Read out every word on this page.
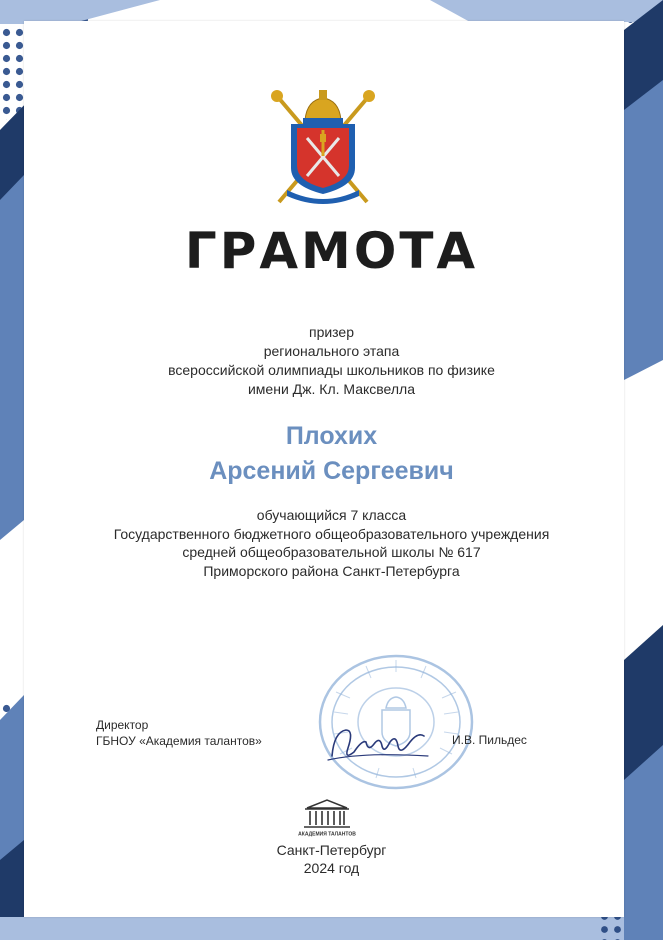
ГРАМОТА
призер
регионального этапа
всероссийской олимпиады школьников по физике
имени Дж. Кл. Максвелла
Плохих
Арсений Сергеевич
обучающийся 7 класса
Государственного бюджетного общеобразовательного учреждения
средней общеобразовательной школы № 617
Приморского района Санкт-Петербурга
Директор
ГБНОУ «Академия талантов»	И.В. Пильдес
АКАДЕМИЯ ТАЛАНТОВ
Санкт-Петербург
2024 год
